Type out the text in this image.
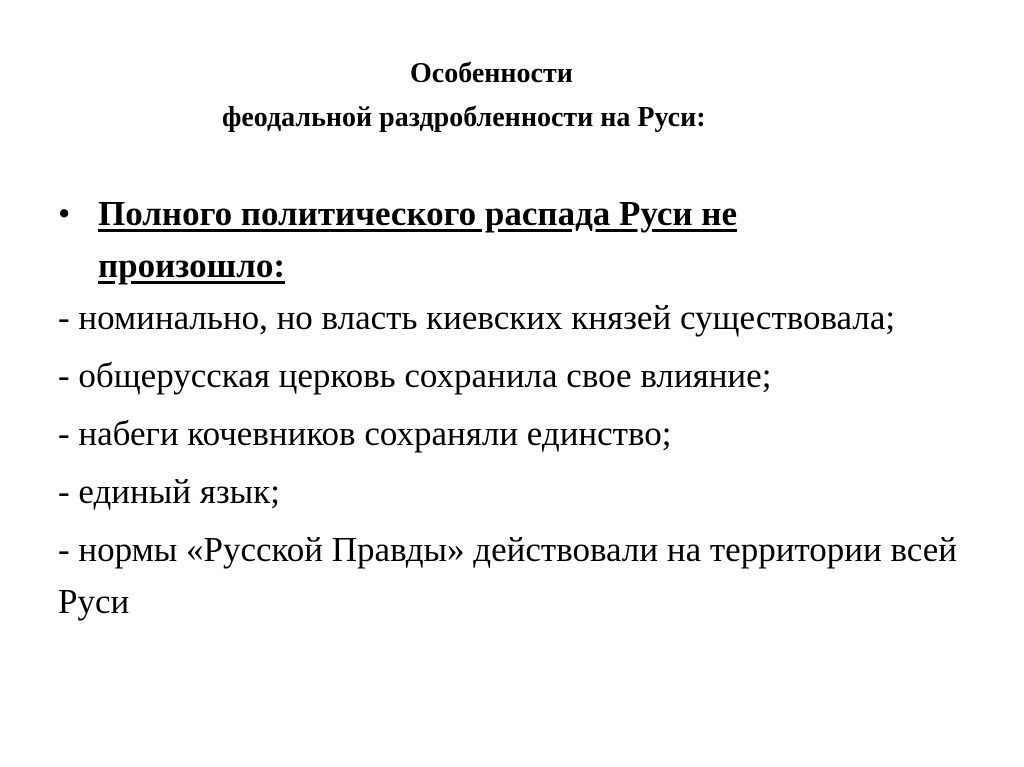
Особенности
феодальной раздробленности на Руси:
• Полного политического распада Руси не произошло:

- номинально, но власть киевских князей существовала;

- общерусская церковь сохранила свое влияние;

- набеги кочевников сохраняли единство;

- единый язык;

- нормы «Русской Правды» действовали на территории всей Руси
